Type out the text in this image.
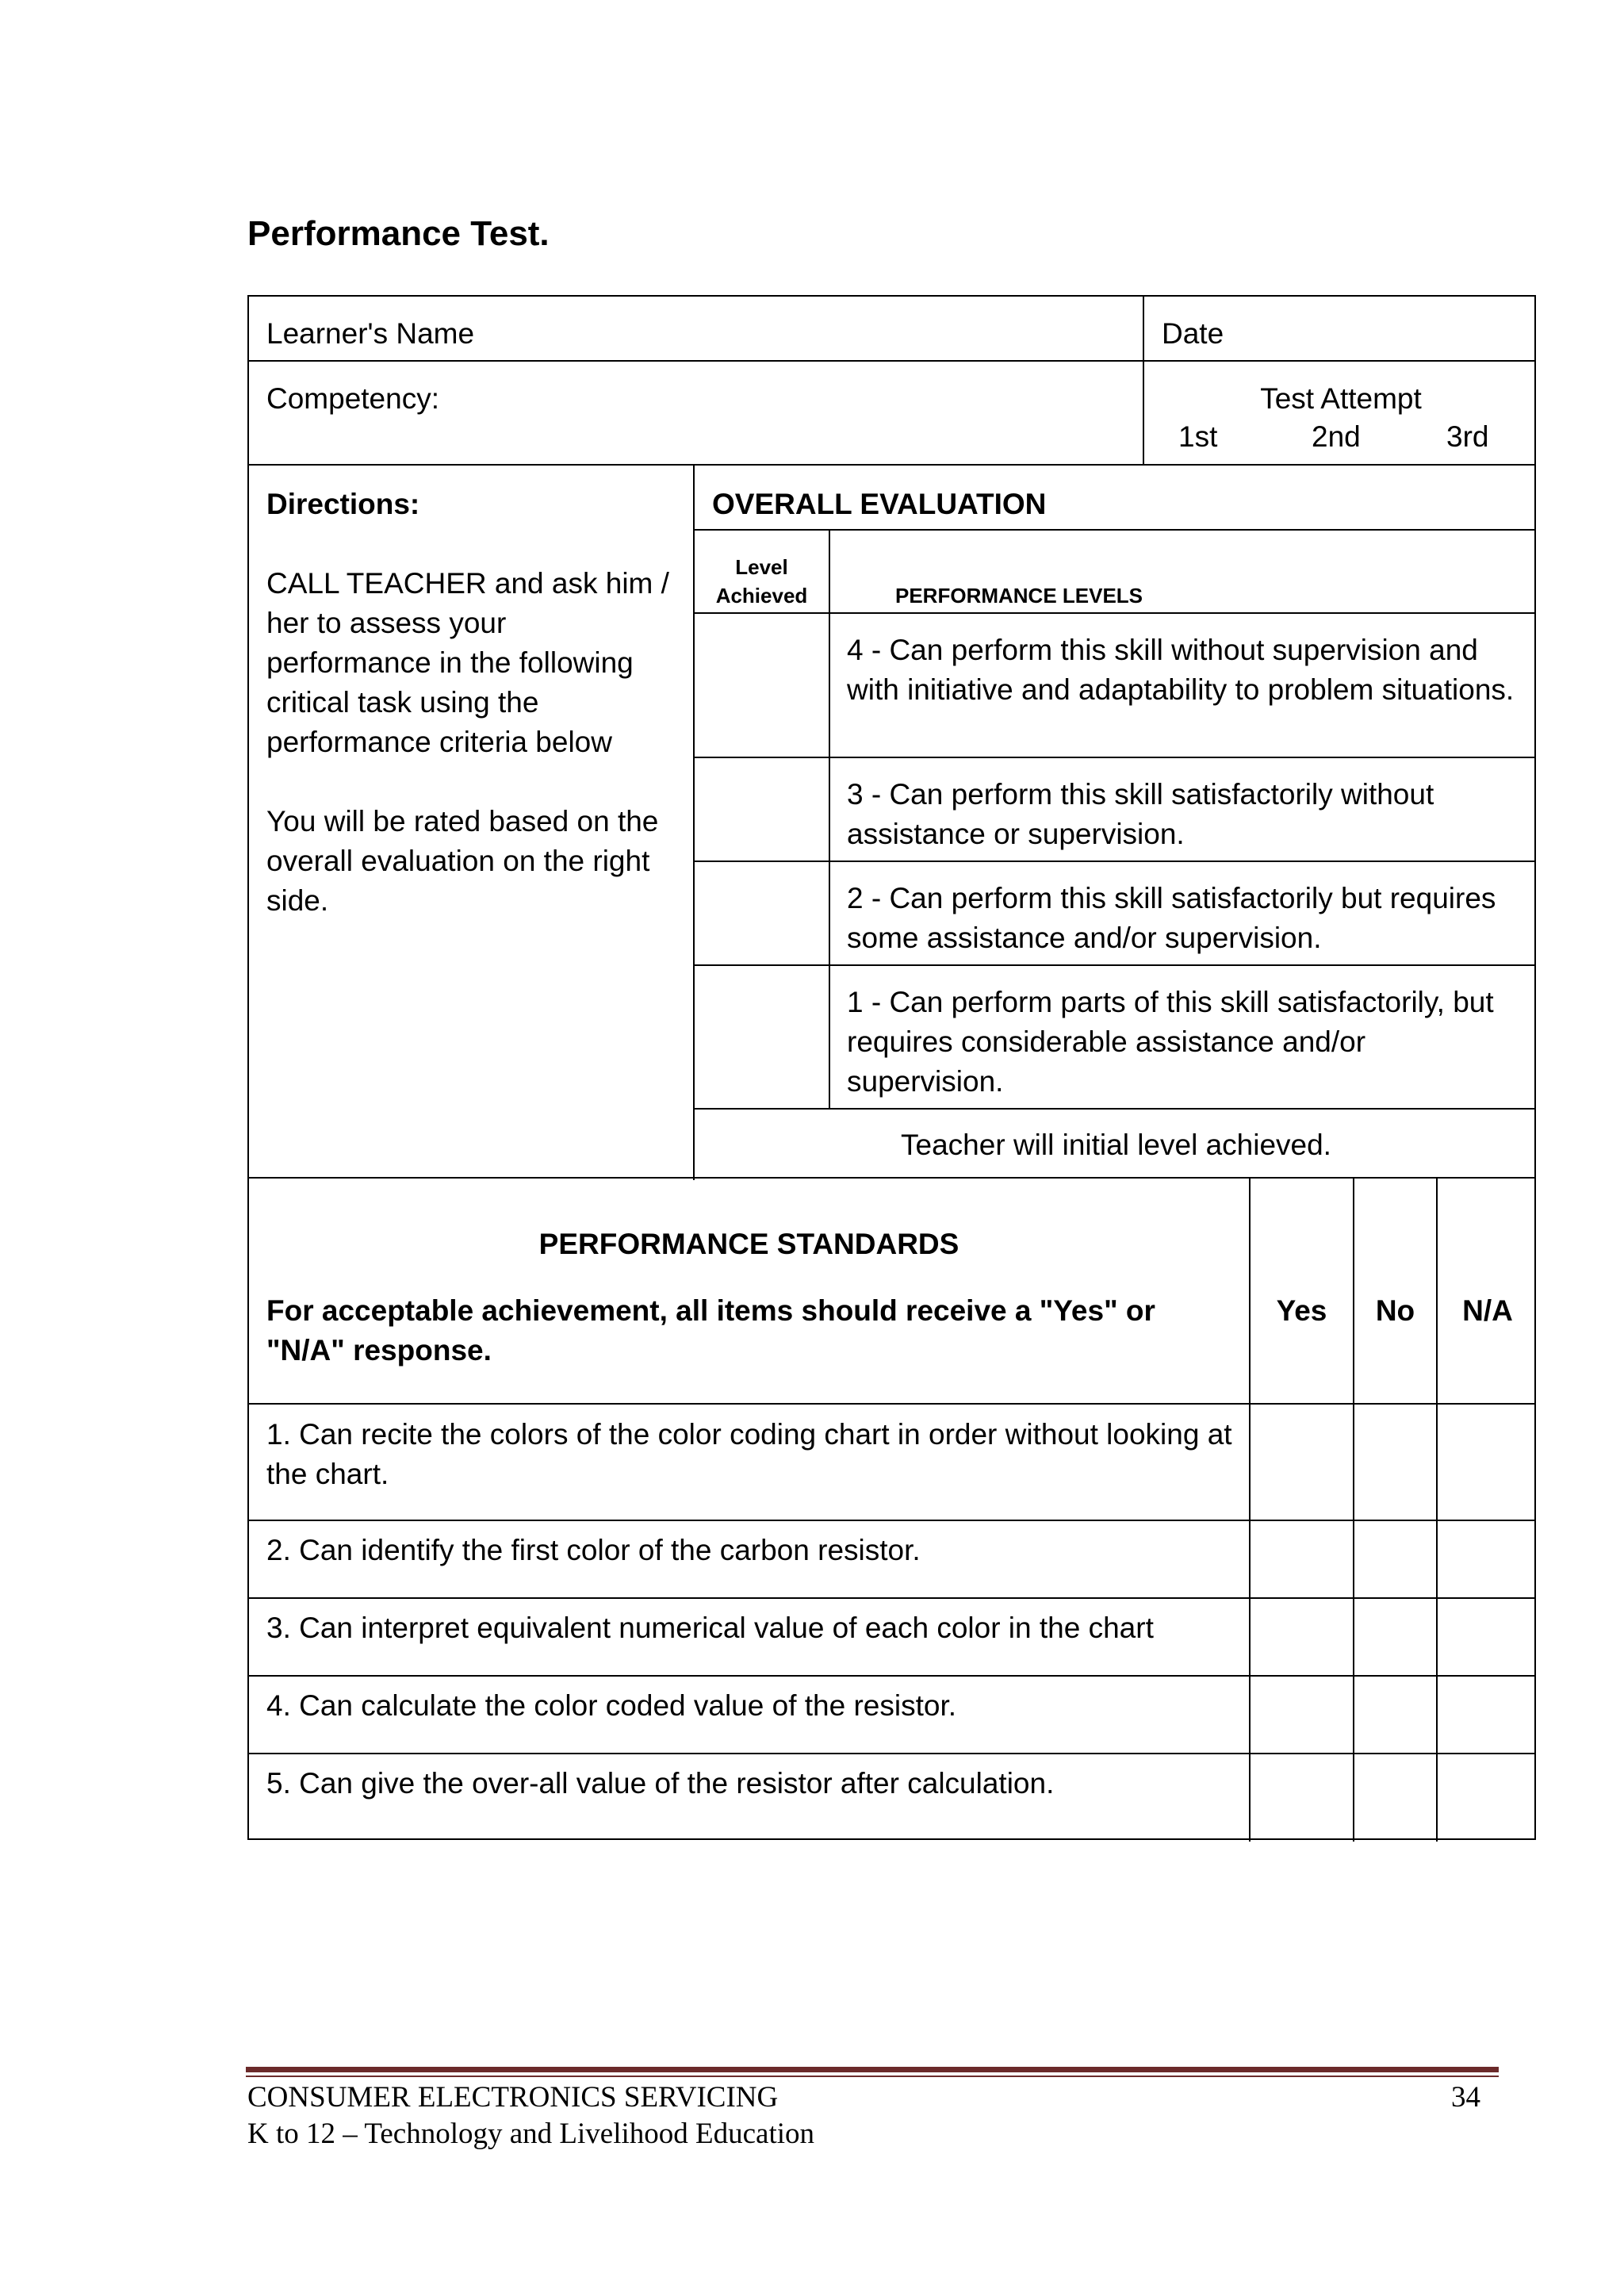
Performance Test.
Learner's Name	Date
Competency:	Test Attempt
1st	2nd	3rd
Directions:
CALL TEACHER and ask him / her to assess your performance in the following critical task using the performance criteria below
You will be rated based on the overall evaluation on the right side.
OVERALL EVALUATION
Level Achieved	PERFORMANCE LEVELS
4 - Can perform this skill without supervision and with initiative and adaptability to problem situations.
3 - Can perform this skill satisfactorily without assistance or supervision.
2 - Can perform this skill satisfactorily but requires some assistance and/or supervision.
1 - Can perform parts of this skill satisfactorily, but requires considerable assistance and/or supervision.
Teacher will initial level achieved.
PERFORMANCE STANDARDS
For acceptable achievement, all items should receive a "Yes" or "N/A" response.
Yes	No	N/A
1. Can recite the colors of the color coding chart in order without looking at the chart.
2. Can identify the first color of the carbon resistor.
3. Can interpret equivalent numerical value of each color in the chart
4. Can calculate the color coded value of the resistor.
5. Can give the over-all value of the resistor after calculation.
CONSUMER ELECTRONICS SERVICING
K to 12 – Technology and Livelihood Education
34
